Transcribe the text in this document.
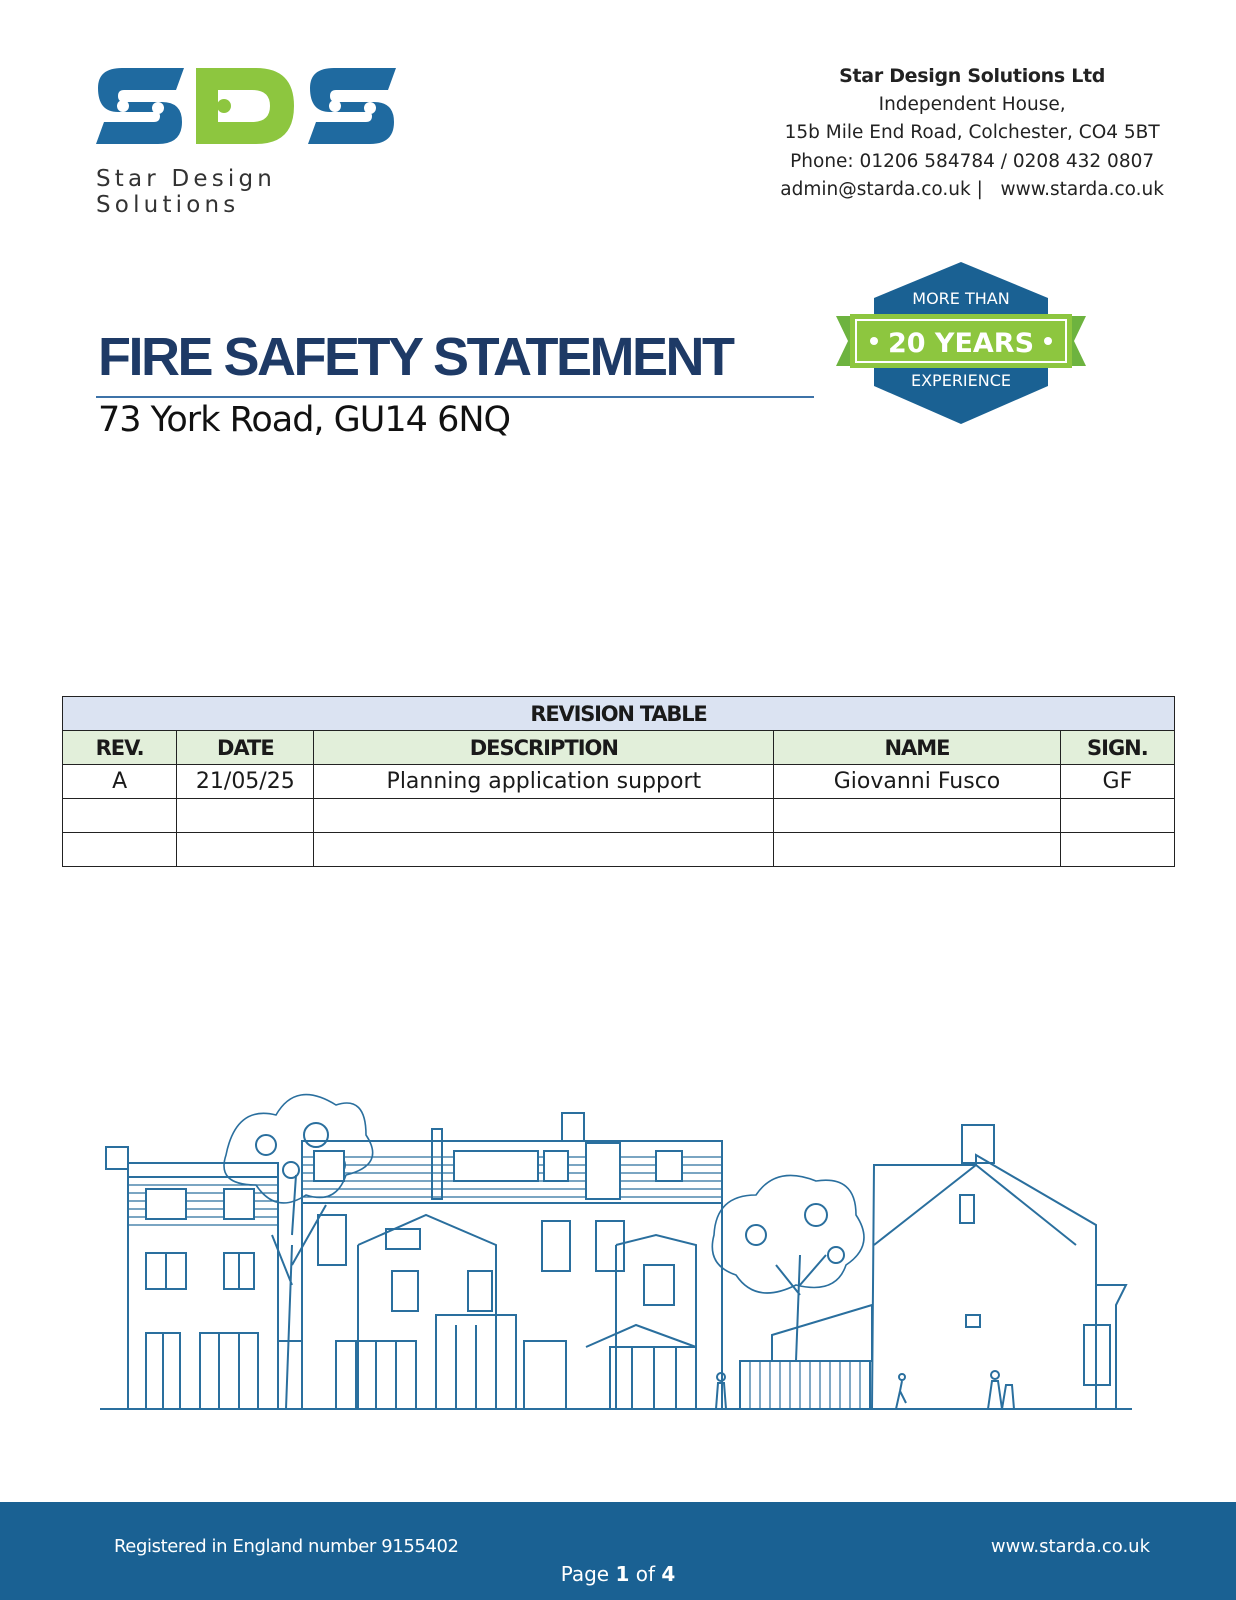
Star Design Solutions
Star Design Solutions Ltd
Independent House,
15b Mile End Road, Colchester, CO4 5BT
Phone: 01206 584784 / 0208 432 0807
admin@starda.co.uk | www.starda.co.uk
FIRE SAFETY STATEMENT
73 York Road, GU14 6NQ
MORE THAN
20 YEARS
EXPERIENCE
REVISION TABLE				
REV.	DATE	DESCRIPTION	NAME	SIGN.
A	21/05/25	Planning application support	Giovanni Fusco	GF

Registered in England number 9155402	www.starda.co.uk
Page 1 of 4
